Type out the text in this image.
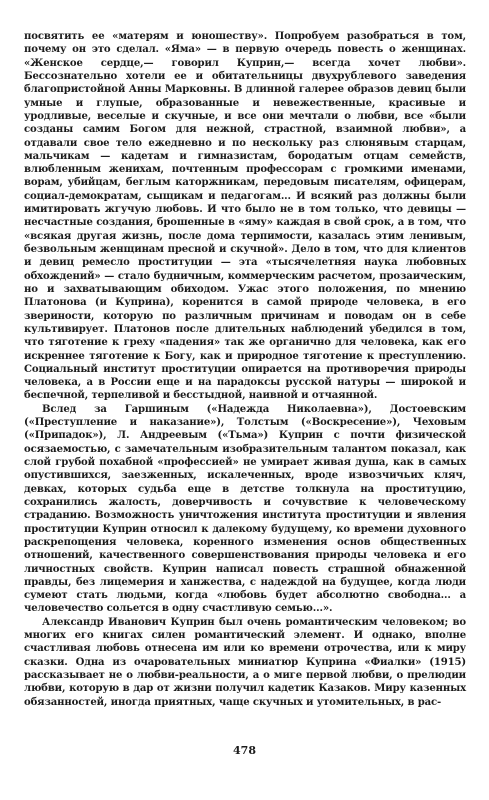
посвятить ее «матерям и юношеству». Попробуем разобраться в том, почему он это сделал. «Яма» — в первую очередь повесть о женщинах. «Женское сердце,— говорил Куприн,— всегда хочет любви». Бессознательно хотели ее и обитательницы двухрублевого заведения благопристойной Анны Марковны. В длинной галерее образов девиц были умные и глупые, образованные и невежественные, красивые и уродливые, веселые и скучные, и все они мечтали о любви, все «были созданы самим Богом для нежной, страстной, взаимной любви», а отдавали свое тело ежедневно и по нескольку раз слюнявым старцам, мальчикам — кадетам и гимназистам, бородатым отцам семейств, влюбленным женихам, почтенным профессорам с громкими именами, ворам, убийцам, беглым каторжникам, передовым писателям, офицерам, социал-демократам, сыщикам и педагогам... И всякий раз должны были имитировать жгучую любовь. И что было не в том только, что девицы — несчастные создания, брошенные в «яму» каждая в свой срок, а в том, что «всякая другая жизнь, после дома терпимости, казалась этим ленивым, безвольным женщинам пресной и скучной». Дело в том, что для клиентов и девиц ремесло проституции — эта «тысячелетняя наука любовных обхождений» — стало будничным, коммерческим расчетом, прозаическим, но и захватывающим обиходом. Ужас этого положения, по мнению Платонова (и Куприна), коренится в самой природе человека, в его звериности, которую по различным причинам и поводам он в себе культивирует. Платонов после длительных наблюдений убедился в том, что тяготение к греху «падения» так же органично для человека, как его искреннее тяготение к Богу, как и природное тяготение к преступлению. Социальный институт проституции опирается на противоречия природы человека, а в России еще и на парадоксы русской натуры — широкой и беспечной, терпеливой и бесстыдной, наивной и отчаянной.

Вслед за Гаршиным («Надежда Николаевна»), Достоевским («Преступление и наказание»), Толстым («Воскресение»), Чеховым («Припадок»), Л. Андреевым («Тьма») Куприн с почти физической осязаемостью, с замечательным изобразительным талантом показал, как слой грубой похабной «профессией» не умирает живая душа, как в самых опустившихся, заезженных, искалеченных, вроде извозчичьих кляч, девках, которых судьба еще в детстве толкнула на проституцию, сохранились жалость, доверчивость и сочувствие к человеческому страданию. Возможность уничтожения института проституции и явления проституции Куприн относил к далекому будущему, ко времени духовного раскрепощения человека, коренного изменения основ общественных отношений, качественного совершенствования природы человека и его личностных свойств. Куприн написал повесть страшной обнаженной правды, без лицемерия и ханжества, с надеждой на будущее, когда люди сумеют стать людьми, когда «любовь будет абсолютно свободна... а человечество сольется в одну счастливую семью...».

Александр Иванович Куприн был очень романтическим человеком; во многих его книгах силен романтический элемент. И однако, вполне счастливая любовь отнесена им или ко времени отрочества, или к миру сказки. Одна из очаровательных миниатюр Куприна «Фиалки» (1915) рассказывает не о любви-реальности, а о миге первой любви, о прелюдии любви, которую в дар от жизни получил кадетик Казаков. Миру казенных обязанностей, иногда приятных, чаще скучных и утомительных, в рас-

478
